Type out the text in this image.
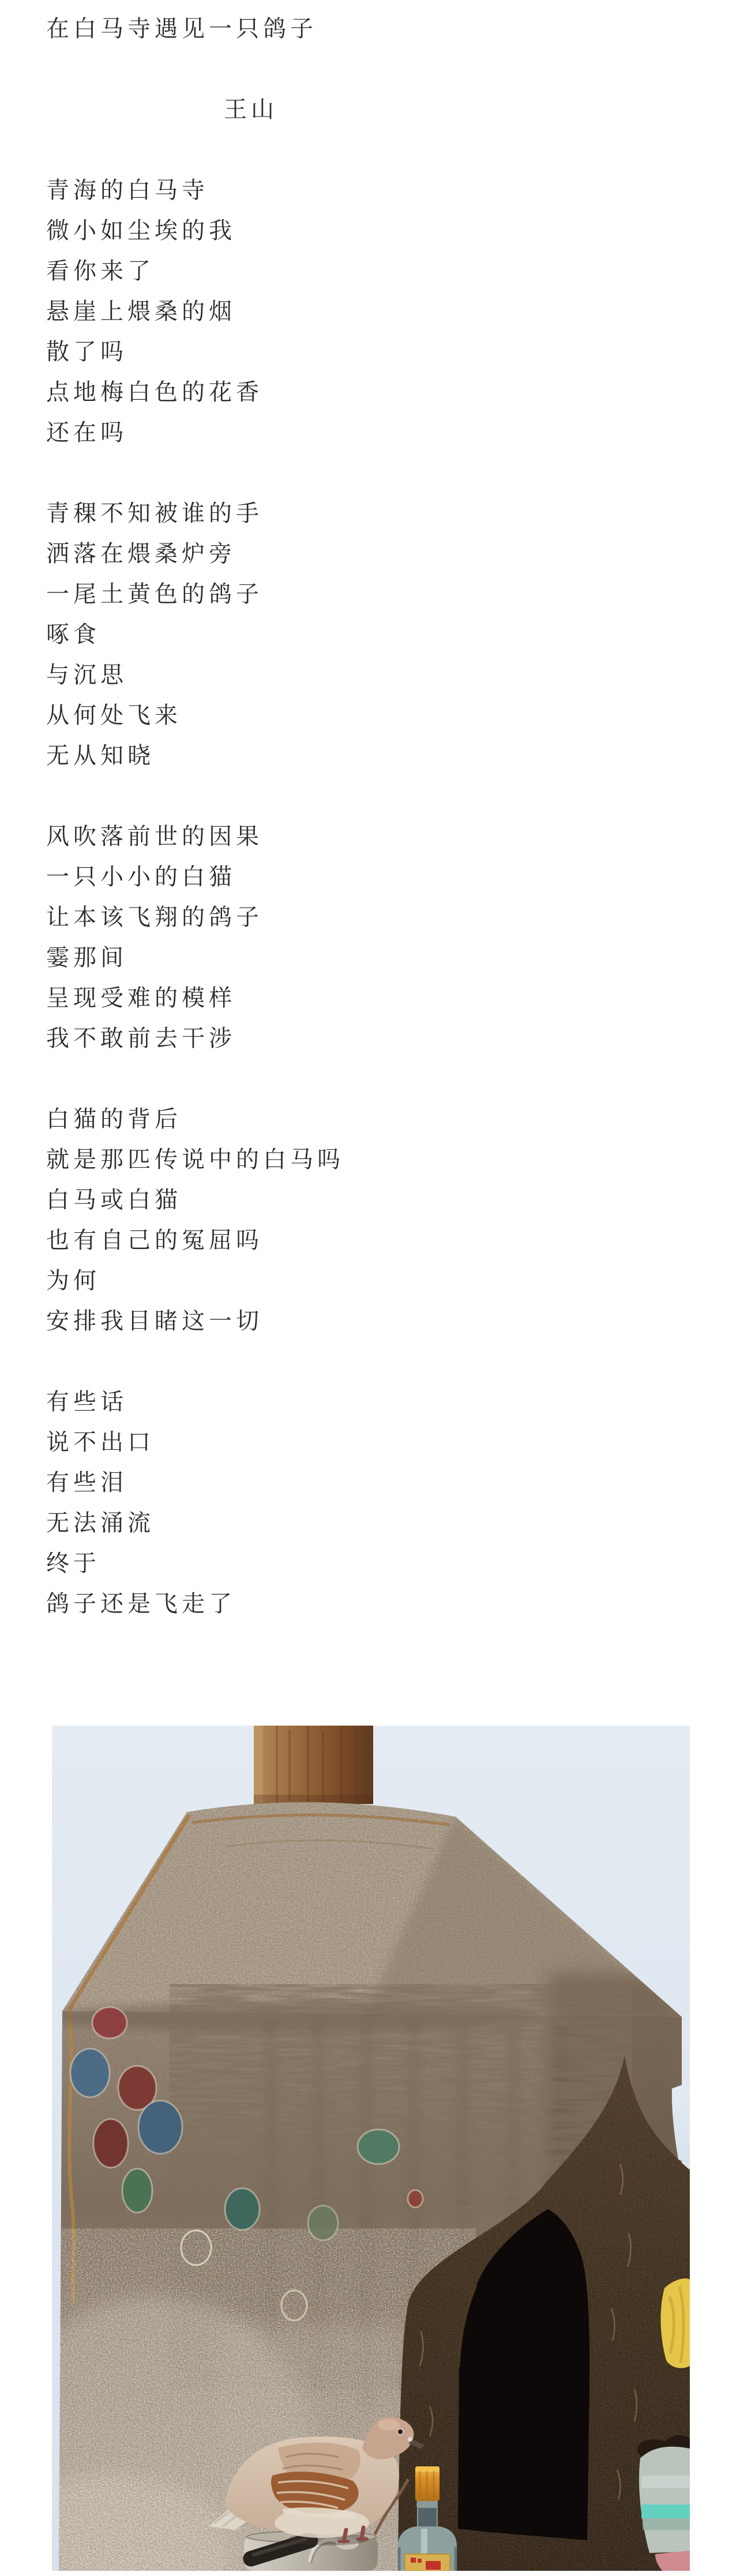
在白马寺遇见一只鸽子
王山
青海的白马寺
微小如尘埃的我
看你来了
悬崖上煨桑的烟
散了吗
点地梅白色的花香
还在吗
青稞不知被谁的手
洒落在煨桑炉旁
一尾土黄色的鸽子
啄食
与沉思
从何处飞来
无从知晓
风吹落前世的因果
一只小小的白猫
让本该飞翔的鸽子
霎那间
呈现受难的模样
我不敢前去干涉
白猫的背后
就是那匹传说中的白马吗
白马或白猫
也有自己的冤屈吗
为何
安排我目睹这一切
有些话
说不出口
有些泪
无法涌流
终于
鸽子还是飞走了
